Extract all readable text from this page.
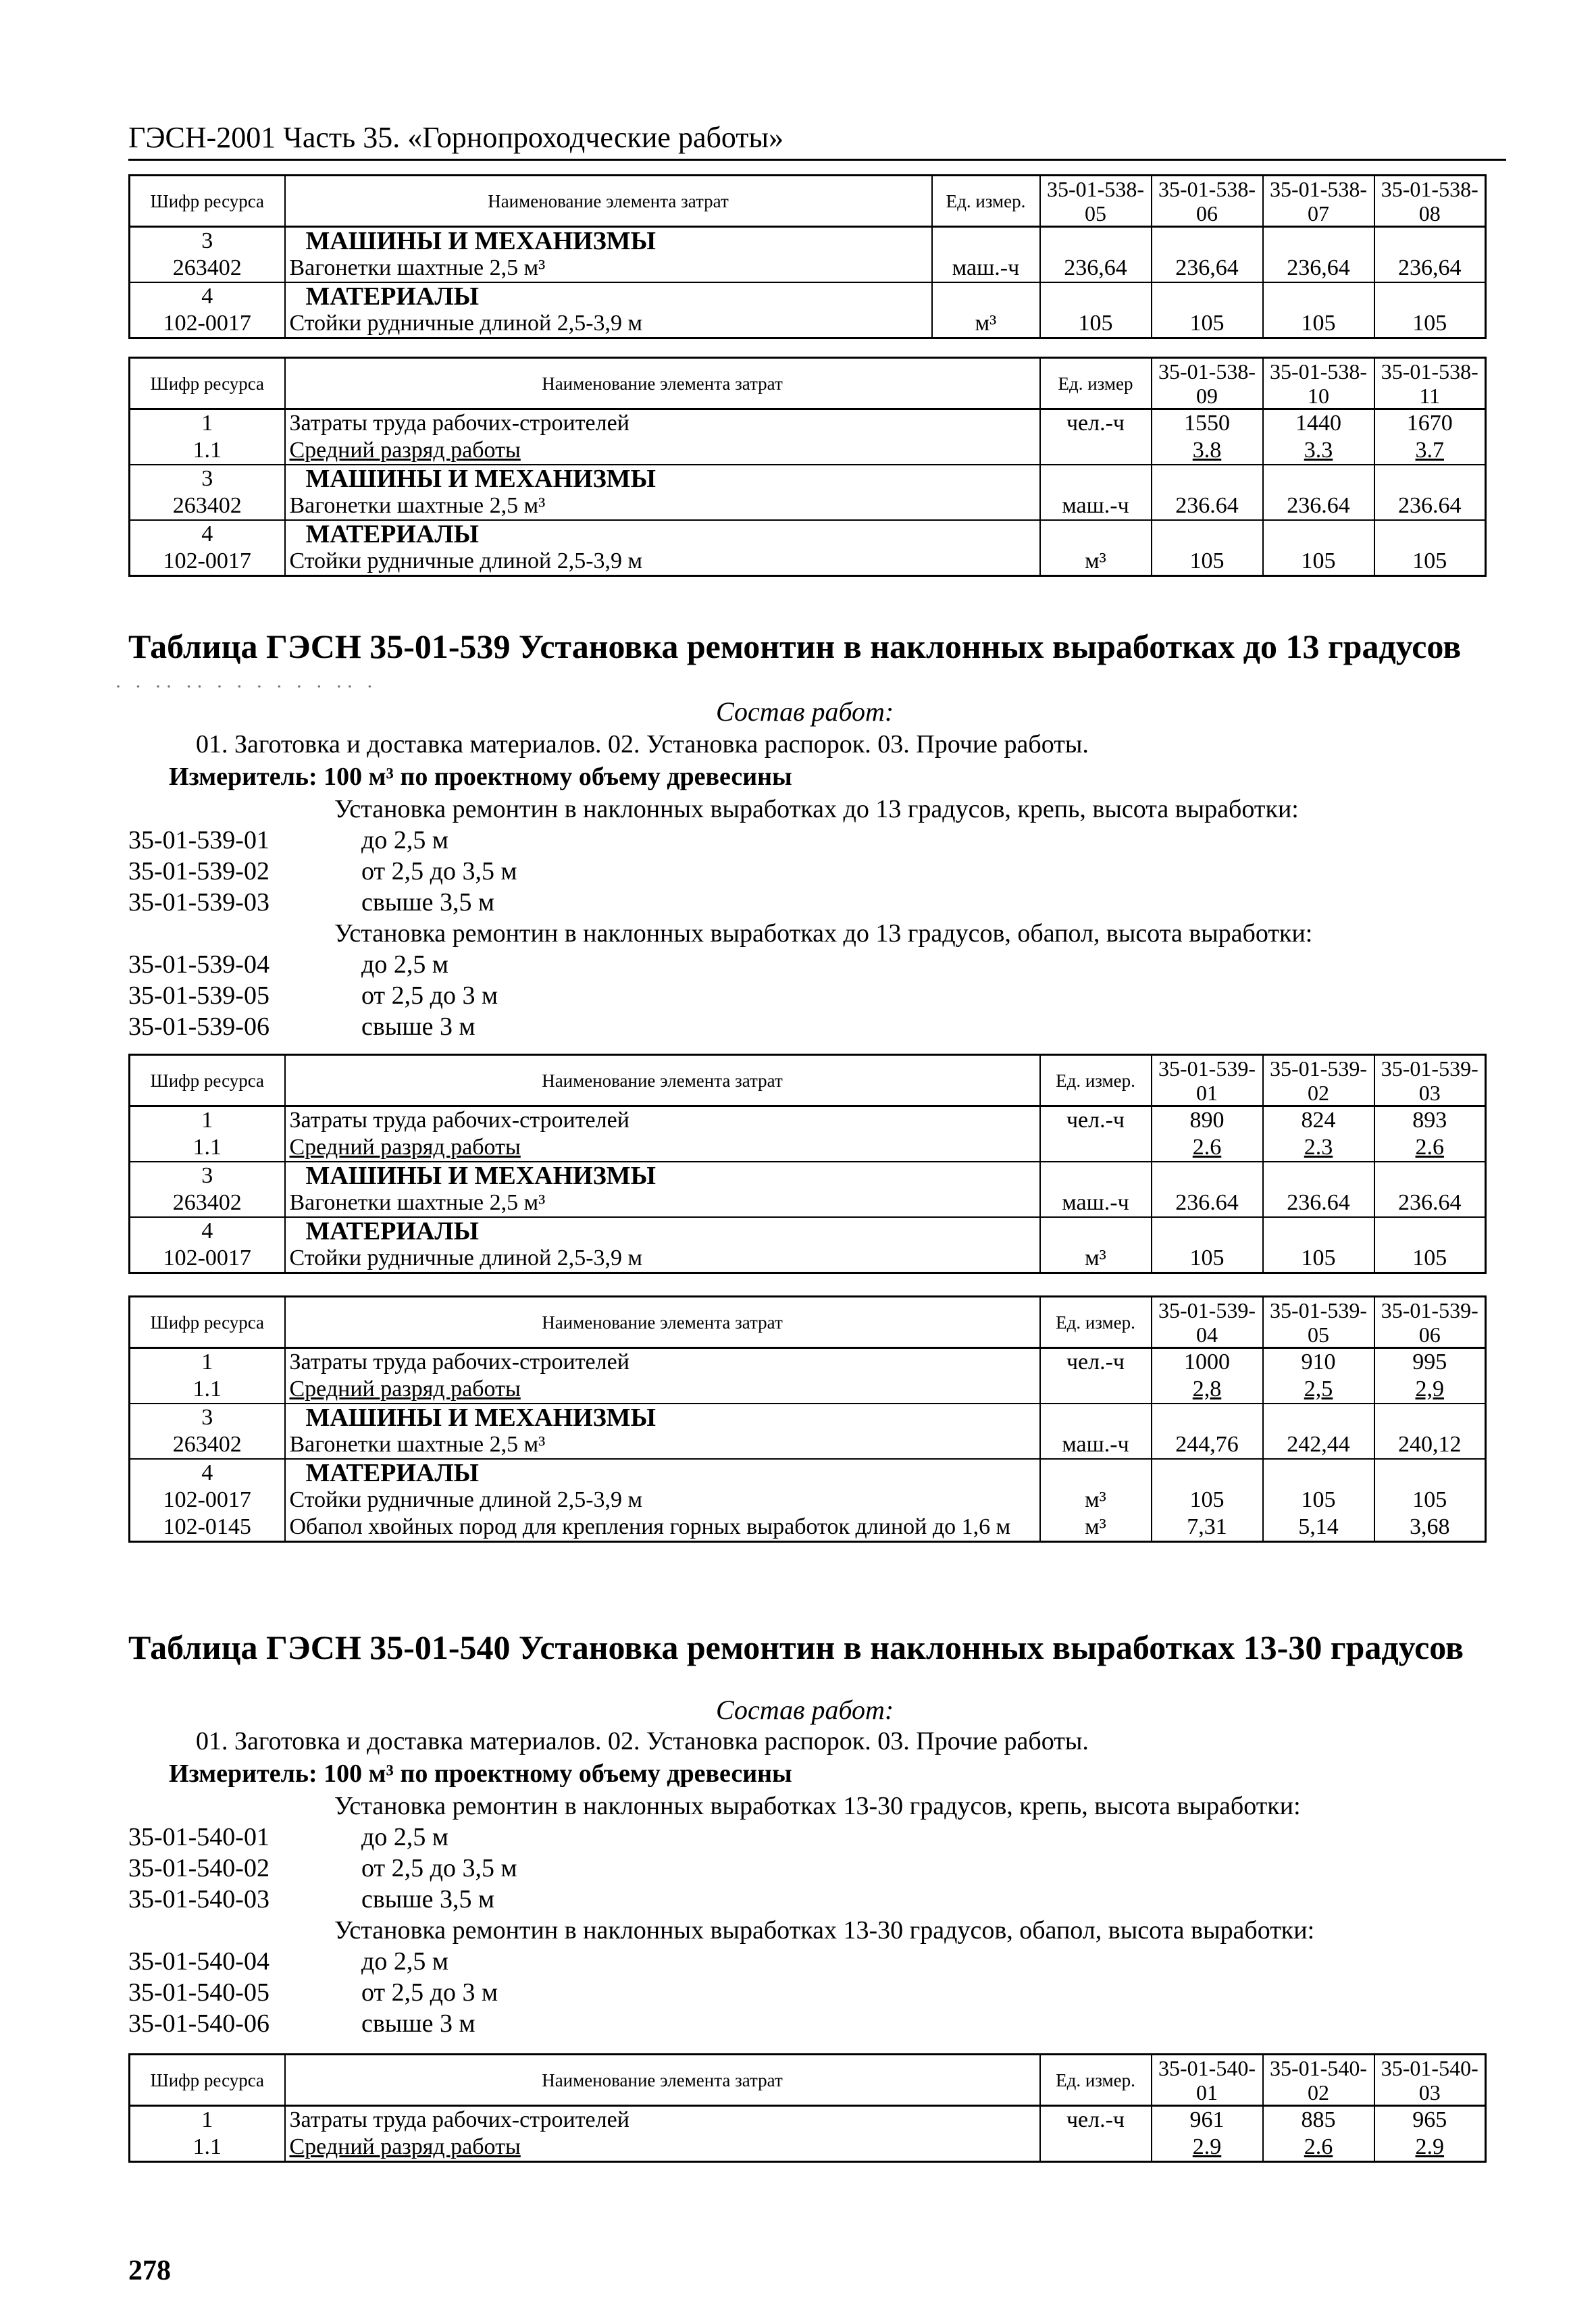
ГЭСН-2001 Часть 35. «Горнопроходческие работы»
Шифр ресурса	Наименование элемента затрат	Ед. измер.	35-01-538-05	35-01-538-06	35-01-538-07	35-01-538-08
3	МАШИНЫ И МЕХАНИЗМЫ					
263402	Вагонетки шахтные 2,5 м³	маш.-ч	236,64	236,64	236,64	236,64
4	МАТЕРИАЛЫ					
102-0017	Стойки рудничные длиной 2,5-3,9 м	м³	105	105	105	105
Шифр ресурса	Наименование элемента затрат	Ед. измер	35-01-538-09	35-01-538-10	35-01-538-11
1	Затраты труда рабочих-строителей	чел.-ч	1550	1440	1670
1.1	Средний разряд работы		3.8	3.3	3.7
3	МАШИНЫ И МЕХАНИЗМЫ				
263402	Вагонетки шахтные 2,5 м³	маш.-ч	236.64	236.64	236.64
4	МАТЕРИАЛЫ				
102-0017	Стойки рудничные длиной 2,5-3,9 м	м³	105	105	105
Таблица ГЭСН 35-01-539 Установка ремонтин в наклонных выработках до 13 градусов
· · ·· ·· · · · · · · ·· ·
Состав работ:
01. Заготовка и доставка материалов. 02. Установка распорок. 03. Прочие работы.
Измеритель: 100 м³ по проектному объему древесины
Установка ремонтин в наклонных выработках до 13 градусов, крепь, высота выработки:
35-01-539-01	до 2,5 м
35-01-539-02	от 2,5 до 3,5 м
35-01-539-03	свыше 3,5 м
Установка ремонтин в наклонных выработках до 13 градусов, обапол, высота выработки:
35-01-539-04	до 2,5 м
35-01-539-05	от 2,5 до 3 м
35-01-539-06	свыше 3 м
Шифр ресурса	Наименование элемента затрат	Ед. измер.	35-01-539-01	35-01-539-02	35-01-539-03
1	Затраты труда рабочих-строителей	чел.-ч	890	824	893
1.1	Средний разряд работы		2.6	2.3	2.6
3	МАШИНЫ И МЕХАНИЗМЫ				
263402	Вагонетки шахтные 2,5 м³	маш.-ч	236.64	236.64	236.64
4	МАТЕРИАЛЫ				
102-0017	Стойки рудничные длиной 2,5-3,9 м	м³	105	105	105
Шифр ресурса	Наименование элемента затрат	Ед. измер.	35-01-539-04	35-01-539-05	35-01-539-06
1	Затраты труда рабочих-строителей	чел.-ч	1000	910	995
1.1	Средний разряд работы		2,8	2,5	2,9
3	МАШИНЫ И МЕХАНИЗМЫ				
263402	Вагонетки шахтные 2,5 м³	маш.-ч	244,76	242,44	240,12
4	МАТЕРИАЛЫ				
102-0017	Стойки рудничные длиной 2,5-3,9 м	м³	105	105	105
102-0145	Обапол хвойных пород для крепления горных выработок длиной до 1,6 м	м³	7,31	5,14	3,68
Таблица ГЭСН 35-01-540 Установка ремонтин в наклонных выработках 13-30 градусов
Состав работ:
01. Заготовка и доставка материалов. 02. Установка распорок. 03. Прочие работы.
Измеритель: 100 м³ по проектному объему древесины
Установка ремонтин в наклонных выработках 13-30 градусов, крепь, высота выработки:
35-01-540-01	до 2,5 м
35-01-540-02	от 2,5 до 3,5 м
35-01-540-03	свыше 3,5 м
Установка ремонтин в наклонных выработках 13-30 градусов, обапол, высота выработки:
35-01-540-04	до 2,5 м
35-01-540-05	от 2,5 до 3 м
35-01-540-06	свыше 3 м
Шифр ресурса	Наименование элемента затрат	Ед. измер.	35-01-540-01	35-01-540-02	35-01-540-03
1	Затраты труда рабочих-строителей	чел.-ч	961	885	965
1.1	Средний разряд работы		2.9	2.6	2.9
278
